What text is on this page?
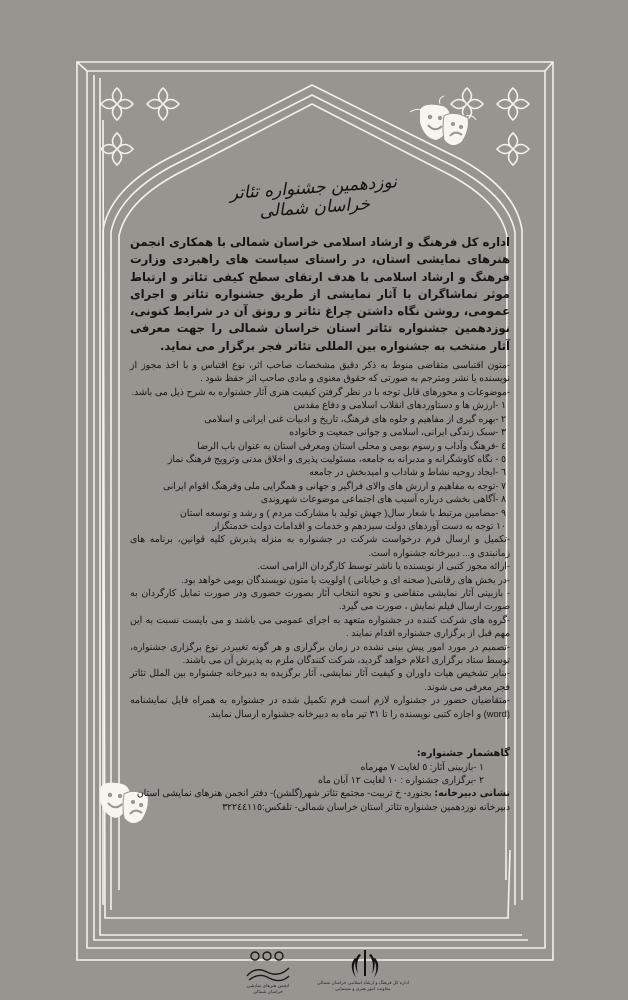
نوزدهمین جشنواره تئاتر خراسان شمالی

اداره کل فرهنگ و ارشاد اسلامی خراسان شمالی با همکاری انجمن هنرهای نمایشی استان، در راستای سیاست های راهبردی وزارت فرهنگ و ارشاد اسلامی با هدف ارتقای سطح کیفی تئاتر و ارتباط موثر تماشاگران با آثار نمایشی از طریق جشنواره تئاتر و اجرای عمومی، روشن نگاه داشتن چراغ تئاتر و رونق آن در شرایط کنونی، نوزدهمین جشنواره تئاتر استان خراسان شمالی را جهت معرفی آثار منتخب به جشنواره بین المللی تئاتر فجر برگزار می نماید.

-متون اقتباسی متقاضی منوط به ذکر دقیق مشخصات صاحب اثر، نوع اقتباس و با اخذ مجوز از نویسنده یا نشر ومترجم به صورتی که حقوق معنوی و مادی صاحب اثر حفظ شود .

-موضوعات و محورهای قابل توجه با در نظر گرفتن کیفیت هنری آثار جشنواره به شرح ذیل می باشد.

۱ -ارزش ها و دستاوردهای انقلاب اسلامی و دفاع مقدس

۲ -بهره گیری از مفاهیم و جلوه های فرهنگ، تاریخ و ادبیات غنی ایرانی و اسلامی

۳ -سبک زندگی ایرانی، اسلامی و جوانی جمعیت و خانواده

٤ -فرهنگ وآداب و رسوم بومی و محلی استان ومعرفی استان به عنوان باب الرضا

٥ - نگاه کاوشگرانه و مدبرانه به جامعه، مسئولیت پذیری و اخلاق مدنی وترویج فرهنگ نماز

٦ -ایجاد روحیه نشاط و شاداب و امیدبخش در جامعه

۷ -توجه به مفاهیم و ارزش های والای فراگیر و جهانی و همگرایی ملی وفرهنگ اقوام ایرانی

۸ -آگاهی بخشی درباره آسیب های اجتماعی موضوعات شهروندی

۹ -مضامین مرتبط با شعار سال( جهش تولید با مشارکت مردم ) و رشد و توسعه استان

۱۰ توجه به دست آوردهای دولت سیزدهم و خدمات و اقدامات دولت خدمتگزار

-تکمیل و ارسال فرم درخواست شرکت در جشنواره به منزله پذیرش کلیه قوانین، برنامه های زمانبندی و... دبیرخانه جشنواره است.

-ارائه مجوز کتبی از نویسنده یا ناشر توسط کارگردان الزامی است.

-در بخش های رقابتی( صحنه ای و خیابانی ) اولویت با متون نویسندگان بومی خواهد بود.

- بازبینی آثار نمایشی متقاضی و نحوه انتخاب آثار بصورت حضوری ودر صورت تمایل کارگردان به صورت ارسال فیلم نمایش ، صورت می گیرد.

-گروه های شرکت کننده در جشنواره متعهد به اجرای عمومی می باشند و می بایست نسبت به این مهم قبل از برگزاری جشنواره اقدام نمایند .

-تصمیم در مورد امور پیش بینی نشده در زمان برگزاری و هر گونه تغییردر نوع برگزاری جشنواره، توسط ستاد برگزاری اعلام خواهد گردید، شرکت کنندگان ملزم به پذیرش آن می باشند.

-بنابر تشخیص هیات داوران و کیفیت آثار نمایشی، آثار برگزیده به دبیرخانه جشنواره بین الملل تئاتر فجر معرفی می شوند.

-متقاضیان حضور در جشنواره لازم است فرم تکمیل شده در جشنواره به همراه فایل نمایشنامه (word) و اجازه کتبی نویسنده را تا ۳۱ تیر ماه به دبیرخانه جشنواره ارسال نمایند.

گاهشمار جشنواره:

۱ -بازبینی آثار: ٥ لغایت ۷ مهرماه

۲ -برگزاری جشنواره : ۱۰ لغایت ۱۲ آبان ماه

نشانی دبیرخانه: بجنورد- خ تربیت- مجتمع تئاتر شهر(گلشن)- دفتر انجمن هنرهای نمایشی استان

دبیرخانه نوزدهمین جشنواره تئاتر استان خراسان شمالی- تلفکس:۳۲۲٤٤۱۱٥

انجمن هنرهای نمایشی
خراسان شمالی
اداره کل فرهنگ و ارشاد اسلامی خراسان شمالی
معاونت امور هنری و سینمایی
